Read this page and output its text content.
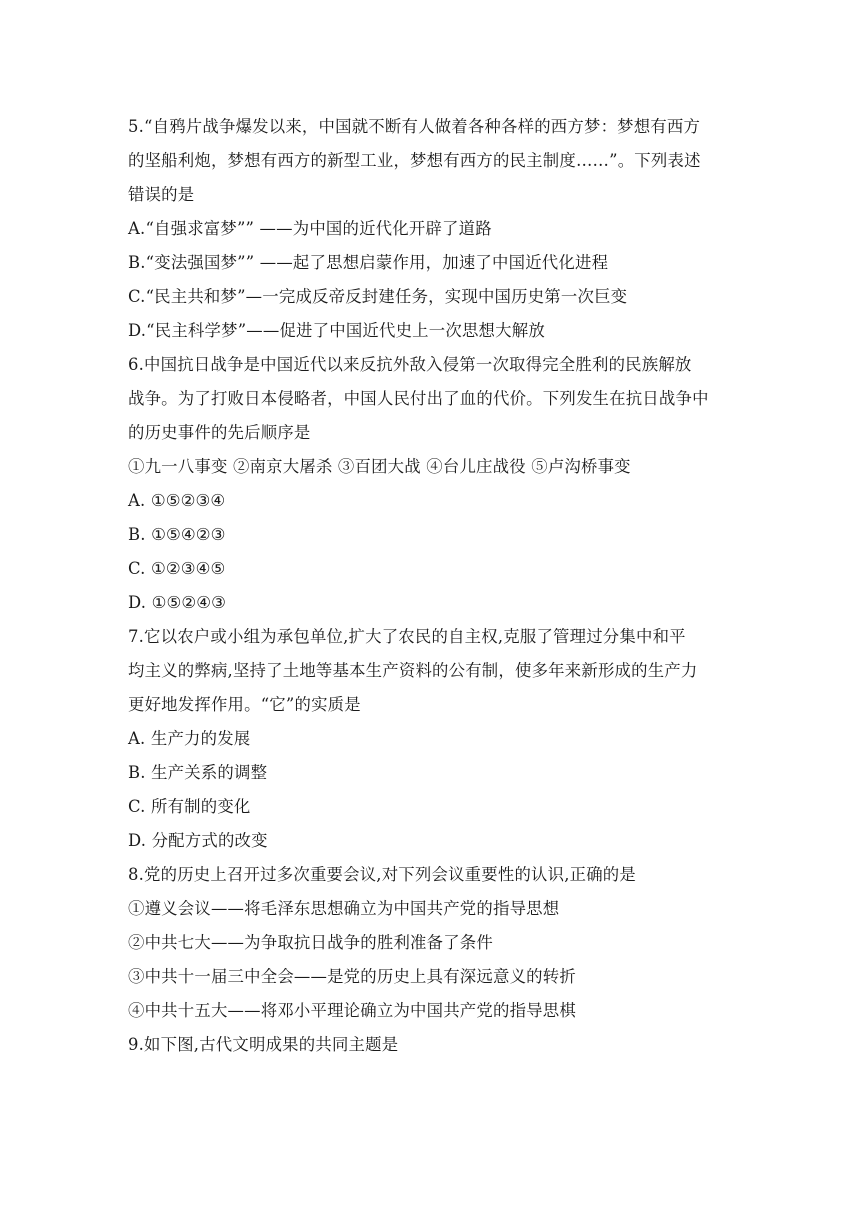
5.“自鸦片战争爆发以来，中国就不断有人做着各种各样的西方梦：梦想有西方
的坚船利炮，梦想有西方的新型工业，梦想有西方的民主制度……”。下列表述
错误的是
A.“自强求富梦”” ——为中国的近代化开辟了道路
B.“变法强国梦”” ——起了思想启蒙作用，加速了中国近代化进程
C.“民主共和梦”—一完成反帝反封建任务，实现中国历史第一次巨变
D.“民主科学梦”——促进了中国近代史上一次思想大解放
6.中国抗日战争是中国近代以来反抗外敌入侵第一次取得完全胜利的民族解放
战争。为了打败日本侵略者，中国人民付出了血的代价。下列发生在抗日战争中
的历史事件的先后顺序是
①九一八事变 ②南京大屠杀 ③百团大战 ④台儿庄战役 ⑤卢沟桥事变
A. ①⑤②③④
B. ①⑤④②③
C. ①②③④⑤
D. ①⑤②④③
7.它以农户或小组为承包单位,扩大了农民的自主权,克服了管理过分集中和平
均主义的弊病,坚持了土地等基本生产资料的公有制，使多年来新形成的生产力
更好地发挥作用。“它”的实质是
A. 生产力的发展
B. 生产关系的调整
C. 所有制的变化
D. 分配方式的改变
8.党的历史上召开过多次重要会议,对下列会议重要性的认识,正确的是
①遵义会议——将毛泽东思想确立为中国共产党的指导思想
②中共七大——为争取抗日战争的胜利准备了条件
③中共十一届三中全会——是党的历史上具有深远意义的转折
④中共十五大——将邓小平理论确立为中国共产党的指导思棋
9.如下图,古代文明成果的共同主题是
